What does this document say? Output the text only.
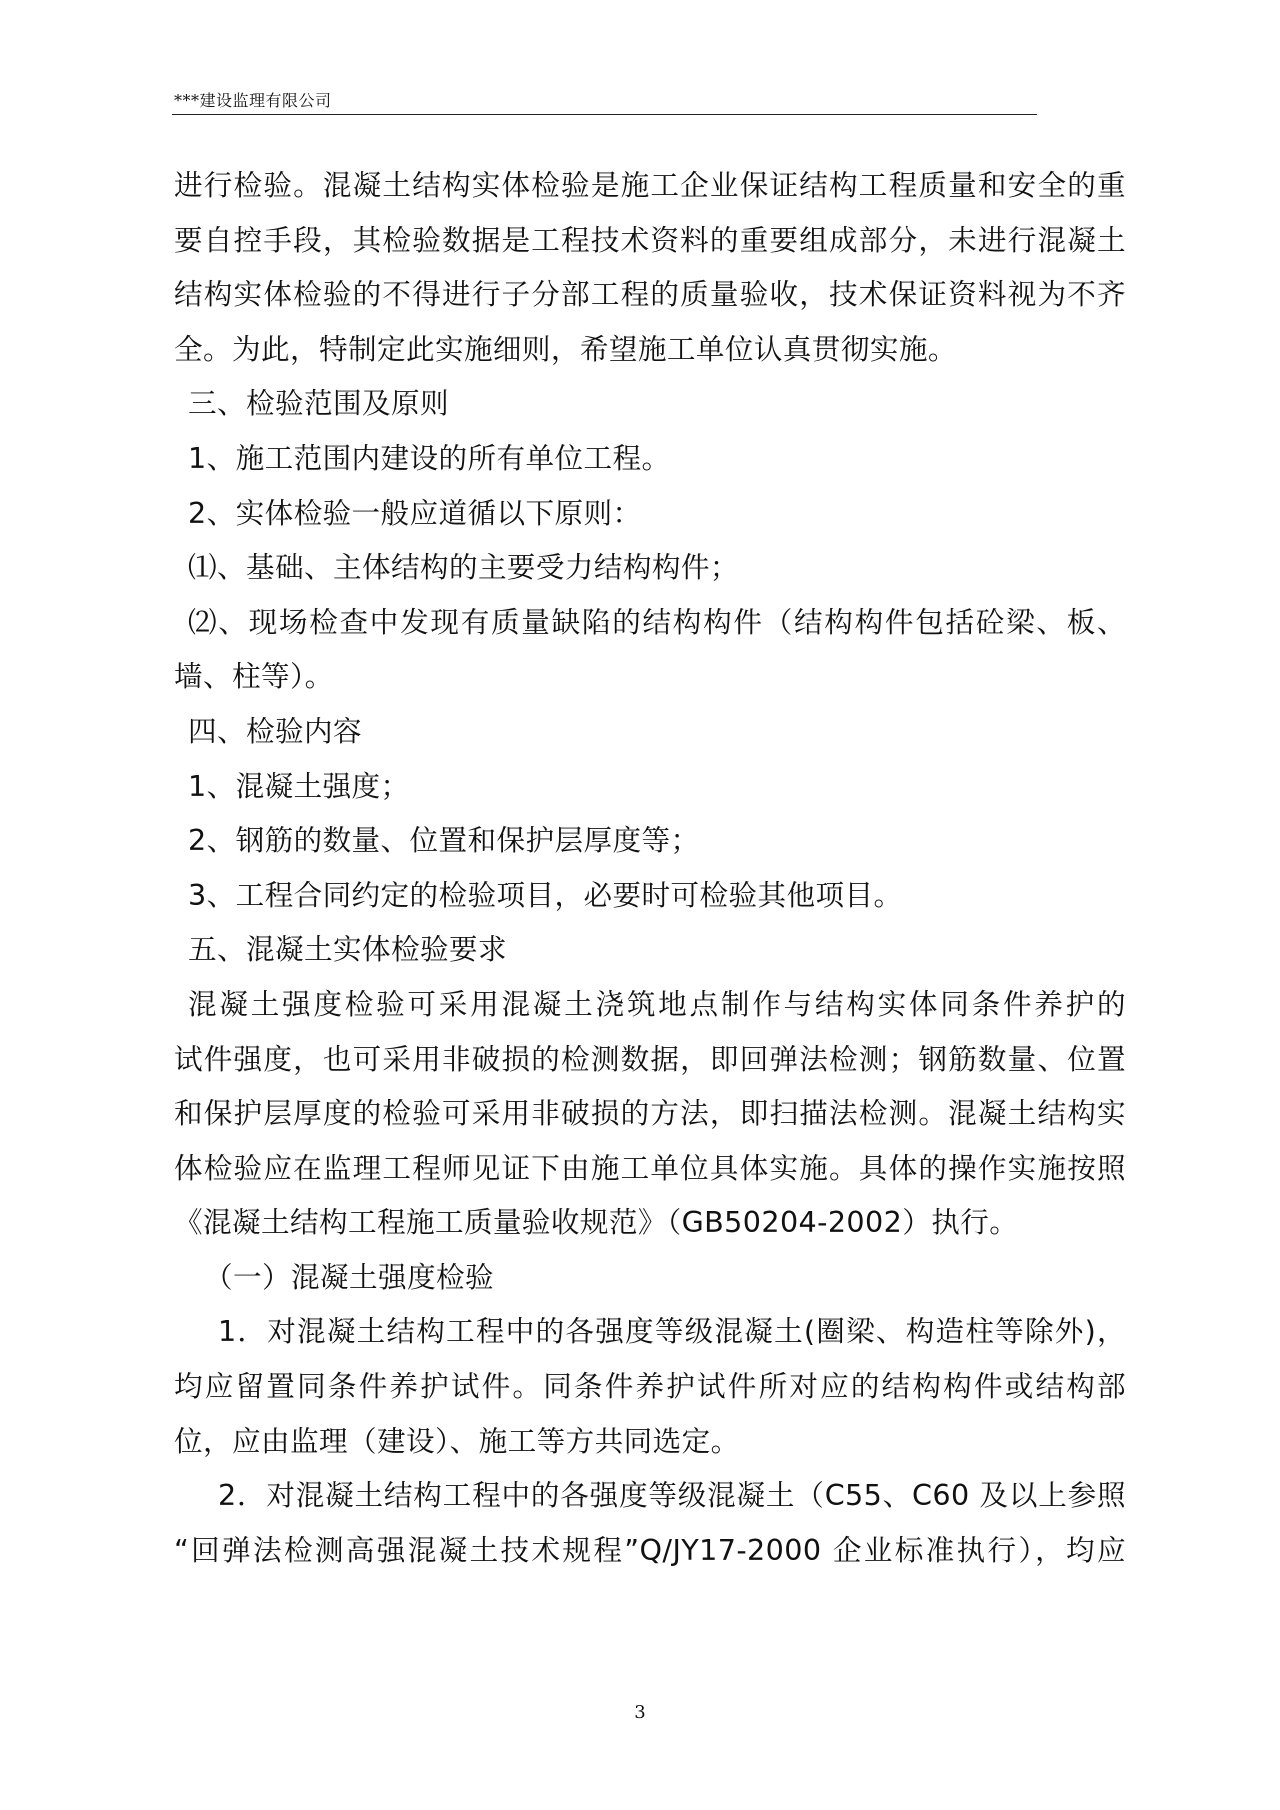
***建设监理有限公司
进行检验。混凝土结构实体检验是施工企业保证结构工程质量和安全的重
要自控手段，其检验数据是工程技术资料的重要组成部分，未进行混凝土
结构实体检验的不得进行子分部工程的质量验收，技术保证资料视为不齐
全。为此，特制定此实施细则，希望施工单位认真贯彻实施。
三、检验范围及原则
1、施工范围内建设的所有单位工程。
2、实体检验一般应道循以下原则：
⑴、基础、主体结构的主要受力结构构件；
⑵、现场检查中发现有质量缺陷的结构构件（结构构件包括砼梁、板、
墙、柱等）。
四、检验内容
1、混凝土强度；
2、钢筋的数量、位置和保护层厚度等；
3、工程合同约定的检验项目，必要时可检验其他项目。
五、混凝土实体检验要求
混凝土强度检验可采用混凝土浇筑地点制作与结构实体同条件养护的
试件强度，也可采用非破损的检测数据，即回弹法检测；钢筋数量、位置
和保护层厚度的检验可采用非破损的方法，即扫描法检测。混凝土结构实
体检验应在监理工程师见证下由施工单位具体实施。具体的操作实施按照
《混凝土结构工程施工质量验收规范》（GB50204-2002）执行。
（一）混凝土强度检验
1．对混凝土结构工程中的各强度等级混凝土(圈梁、构造柱等除外)，
均应留置同条件养护试件。同条件养护试件所对应的结构构件或结构部
位，应由监理（建设）、施工等方共同选定。
2．对混凝土结构工程中的各强度等级混凝土（C55、C60 及以上参照
“回弹法检测高强混凝土技术规程”Q/JY17-2000 企业标准执行），均应
3
